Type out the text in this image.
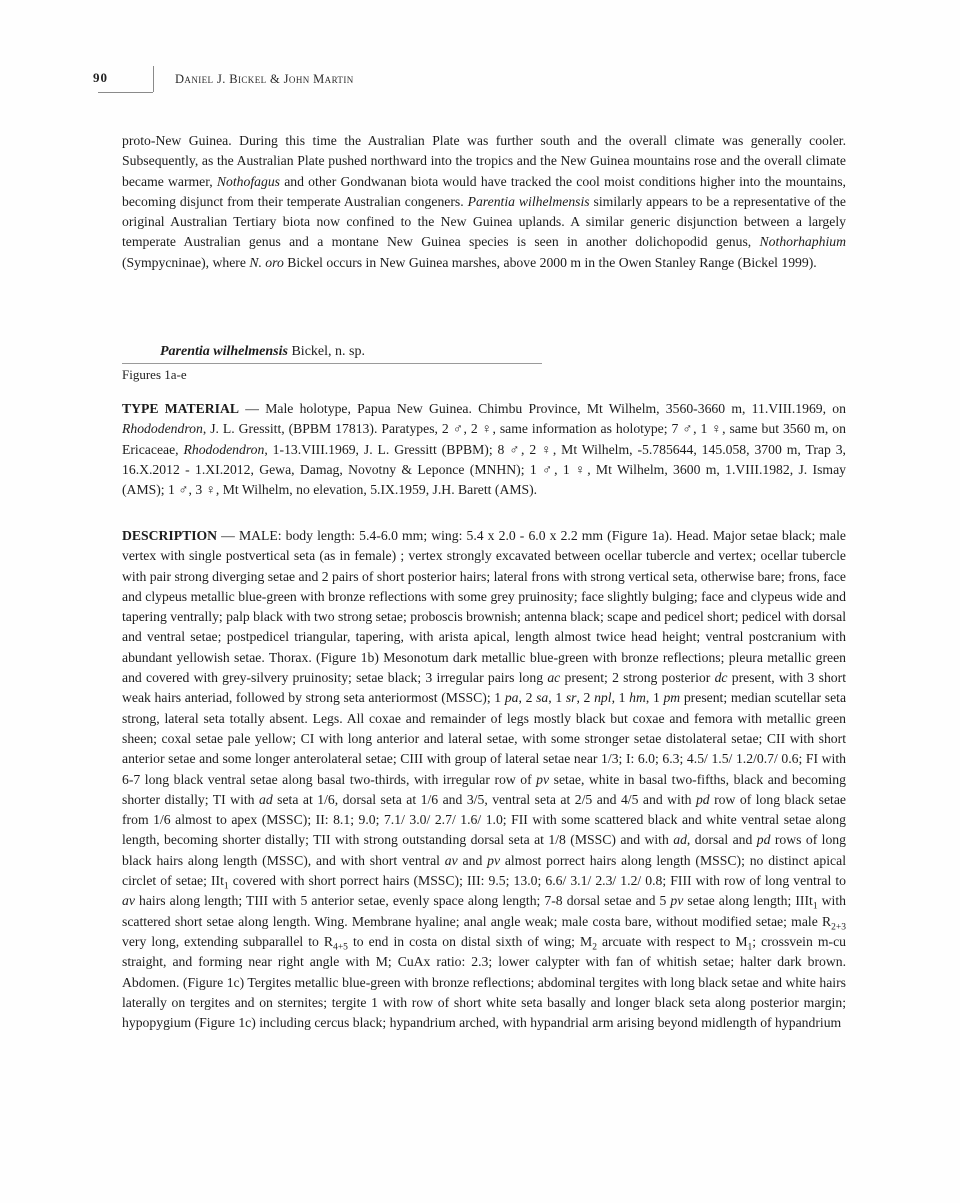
90	Daniel J. Bickel & John Martin
proto-New Guinea. During this time the Australian Plate was further south and the overall climate was generally cooler. Subsequently, as the Australian Plate pushed northward into the tropics and the New Guinea mountains rose and the overall climate became warmer, Nothofagus and other Gondwanan biota would have tracked the cool moist conditions higher into the mountains, becoming disjunct from their temperate Australian congeners. Parentia wilhelmensis similarly appears to be a representative of the original Australian Tertiary biota now confined to the New Guinea uplands. A similar generic disjunction between a largely temperate Australian genus and a montane New Guinea species is seen in another dolichopodid genus, Nothorhaphium (Sympycninae), where N. oro Bickel occurs in New Guinea marshes, above 2000 m in the Owen Stanley Range (Bickel 1999).
Parentia wilhelmensis Bickel, n. sp.
Figures 1a-e
TYPE MATERIAL — Male holotype, Papua New Guinea. Chimbu Province, Mt Wilhelm, 3560-3660 m, 11.VIII.1969, on Rhododendron, J. L. Gressitt, (BPBM 17813). Paratypes, 2 ♂, 2 ♀, same information as holotype; 7 ♂, 1 ♀, same but 3560 m, on Ericaceae, Rhododendron, 1-13.VIII.1969, J. L. Gressitt (BPBM); 8 ♂, 2 ♀, Mt Wilhelm, -5.785644, 145.058, 3700 m, Trap 3, 16.X.2012 - 1.XI.2012, Gewa, Damag, Novotny & Leponce (MNHN); 1 ♂, 1 ♀, Mt Wilhelm, 3600 m, 1.VIII.1982, J. Ismay (AMS); 1 ♂, 3 ♀, Mt Wilhelm, no elevation, 5.IX.1959, J.H. Barett (AMS).
DESCRIPTION — MALE: body length: 5.4-6.0 mm; wing: 5.4 x 2.0 - 6.0 x 2.2 mm (Figure 1a). Head. Major setae black; male vertex with single postvertical seta (as in female) ; vertex strongly excavated between ocellar tubercle and vertex; ocellar tubercle with pair strong diverging setae and 2 pairs of short posterior hairs; lateral frons with strong vertical seta, otherwise bare; frons, face and clypeus metallic blue-green with bronze reflections with some grey pruinosity; face slightly bulging; face and clypeus wide and tapering ventrally; palp black with two strong setae; proboscis brownish; antenna black; scape and pedicel short; pedicel with dorsal and ventral setae; postpedicel triangular, tapering, with arista apical, length almost twice head height; ventral postcranium with abundant yellowish setae. Thorax. (Figure 1b) Mesonotum dark metallic blue-green with bronze reflections; pleura metallic green and covered with grey-silvery pruinosity; setae black; 3 irregular pairs long ac present; 2 strong posterior dc present, with 3 short weak hairs anteriad, followed by strong seta anteriormost (MSSC); 1 pa, 2 sa, 1 sr, 2 npl, 1 hm, 1 pm present; median scutellar seta strong, lateral seta totally absent. Legs. All coxae and remainder of legs mostly black but coxae and femora with metallic green sheen; coxal setae pale yellow; CI with long anterior and lateral setae, with some stronger setae distolateral setae; CII with short anterior setae and some longer anterolateral setae; CIII with group of lateral setae near 1/3; I: 6.0; 6.3; 4.5/ 1.5/ 1.2/0.7/ 0.6; FI with 6-7 long black ventral setae along basal two-thirds, with irregular row of pv setae, white in basal two-fifths, black and becoming shorter distally; TI with ad seta at 1/6, dorsal seta at 1/6 and 3/5, ventral seta at 2/5 and 4/5 and with pd row of long black setae from 1/6 almost to apex (MSSC); II: 8.1; 9.0; 7.1/ 3.0/ 2.7/ 1.6/ 1.0; FII with some scattered black and white ventral setae along length, becoming shorter distally; TII with strong outstanding dorsal seta at 1/8 (MSSC) and with ad, dorsal and pd rows of long black hairs along length (MSSC), and with short ventral av and pv almost porrect hairs along length (MSSC); no distinct apical circlet of setae; IIt$_1$ covered with short porrect hairs (MSSC); III: 9.5; 13.0; 6.6/ 3.1/ 2.3/ 1.2/ 0.8; FIII with row of long ventral to av hairs along length; TIII with 5 anterior setae, evenly space along length; 7-8 dorsal setae and 5 pv setae along length; IIIt$_1$ with scattered short setae along length. Wing. Membrane hyaline; anal angle weak; male costa bare, without modified setae; male $R_{2+3}$ very long, extending subparallel to $R_{4+5}$ to end in costa on distal sixth of wing; $M_2$ arcuate with respect to $M_1$; crossvein m-cu straight, and forming near right angle with M; CuAx ratio: 2.3; lower calypter with fan of whitish setae; halter dark brown. Abdomen. (Figure 1c) Tergites metallic blue-green with bronze reflections; abdominal tergites with long black setae and white hairs laterally on tergites and on sternites; tergite 1 with row of short white seta basally and longer black seta along posterior margin; hypopygium (Figure 1c) including cercus black; hypandrium arched, with hypandrial arm arising beyond midlength of hypandrium
